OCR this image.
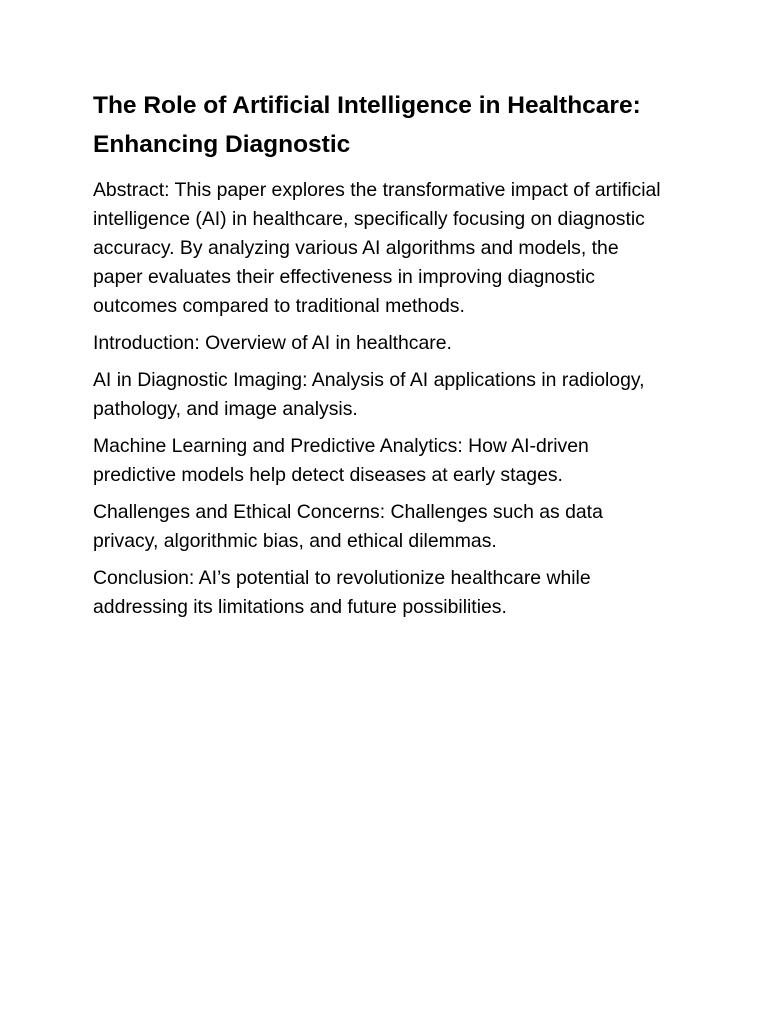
The Role of Artificial Intelligence in Healthcare: Enhancing Diagnostic

Abstract: This paper explores the transformative impact of artificial intelligence (AI) in healthcare, specifically focusing on diagnostic accuracy. By analyzing various AI algorithms and models, the paper evaluates their effectiveness in improving diagnostic outcomes compared to traditional methods.

Introduction: Overview of AI in healthcare.

AI in Diagnostic Imaging: Analysis of AI applications in radiology, pathology, and image analysis.

Machine Learning and Predictive Analytics: How AI-driven predictive models help detect diseases at early stages.

Challenges and Ethical Concerns: Challenges such as data privacy, algorithmic bias, and ethical dilemmas.

Conclusion: AI’s potential to revolutionize healthcare while addressing its limitations and future possibilities.
